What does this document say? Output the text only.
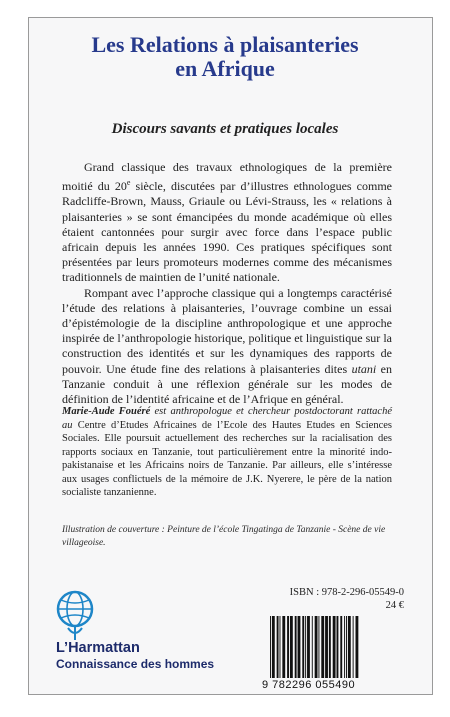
Les Relations à plaisanteries
en Afrique
Discours savants et pratiques locales

Grand classique des travaux ethnologiques de la première moitié du 20e siècle, discutées par d’illustres ethnologues comme Radcliffe-Brown, Mauss, Griaule ou Lévi-Strauss, les « relations à plaisanteries » se sont émancipées du monde académique où elles étaient cantonnées pour surgir avec force dans l’espace public africain depuis les années 1990. Ces pratiques spécifiques sont présentées par leurs promoteurs modernes comme des mécanismes traditionnels de maintien de l’unité nationale.

Rompant avec l’approche classique qui a longtemps caractérisé l’étude des relations à plaisanteries, l’ouvrage combine un essai d’épistémologie de la discipline anthropologique et une approche inspirée de l’anthropologie historique, politique et linguistique sur la construction des identités et sur les dynamiques des rapports de pouvoir. Une étude fine des relations à plaisanteries dites utani en Tanzanie conduit à une réflexion générale sur les modes de définition de l’identité africaine et de l’Afrique en général.

Marie-Aude Fouéré est anthropologue et chercheur postdoctorant rattaché au Centre d’Etudes Africaines de l’Ecole des Hautes Etudes en Sciences Sociales. Elle poursuit actuellement des recherches sur la racialisation des rapports sociaux en Tanzanie, tout particulièrement entre la minorité indo-pakistanaise et les Africains noirs de Tanzanie. Par ailleurs, elle s’intéresse aux usages conflictuels de la mémoire de J.K. Nyerere, le père de la nation socialiste tanzanienne.

Illustration de couverture : Peinture de l’école Tingatinga de Tanzanie - Scène de vie villageoise.

ISBN : 978-2-296-05549-0
24 €
L’Harmattan
Connaissance des hommes
9 782296 055490
